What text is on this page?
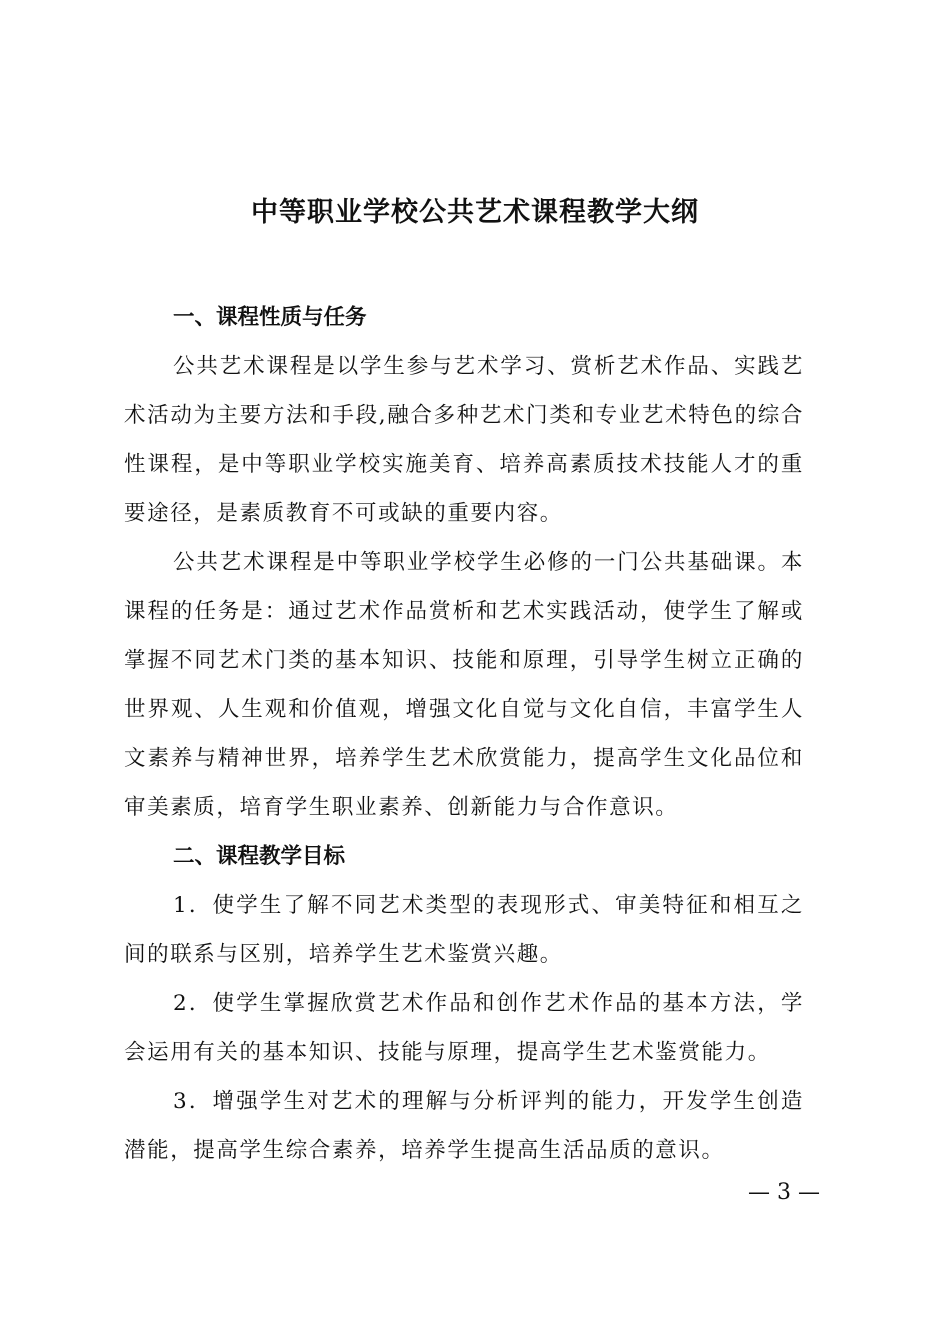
中等职业学校公共艺术课程教学大纲
一、课程性质与任务

公共艺术课程是以学生参与艺术学习、赏析艺术作品、实践艺术活动为主要方法和手段,融合多种艺术门类和专业艺术特色的综合性课程，是中等职业学校实施美育、培养高素质技术技能人才的重要途径，是素质教育不可或缺的重要内容。

公共艺术课程是中等职业学校学生必修的一门公共基础课。本课程的任务是：通过艺术作品赏析和艺术实践活动，使学生了解或掌握不同艺术门类的基本知识、技能和原理，引导学生树立正确的世界观、人生观和价值观，增强文化自觉与文化自信，丰富学生人文素养与精神世界，培养学生艺术欣赏能力，提高学生文化品位和审美素质，培育学生职业素养、创新能力与合作意识。

二、课程教学目标

1．使学生了解不同艺术类型的表现形式、审美特征和相互之间的联系与区别，培养学生艺术鉴赏兴趣。

2．使学生掌握欣赏艺术作品和创作艺术作品的基本方法，学会运用有关的基本知识、技能与原理，提高学生艺术鉴赏能力。

3．增强学生对艺术的理解与分析评判的能力，开发学生创造潜能，提高学生综合素养，培养学生提高生活品质的意识。

— 3 —
